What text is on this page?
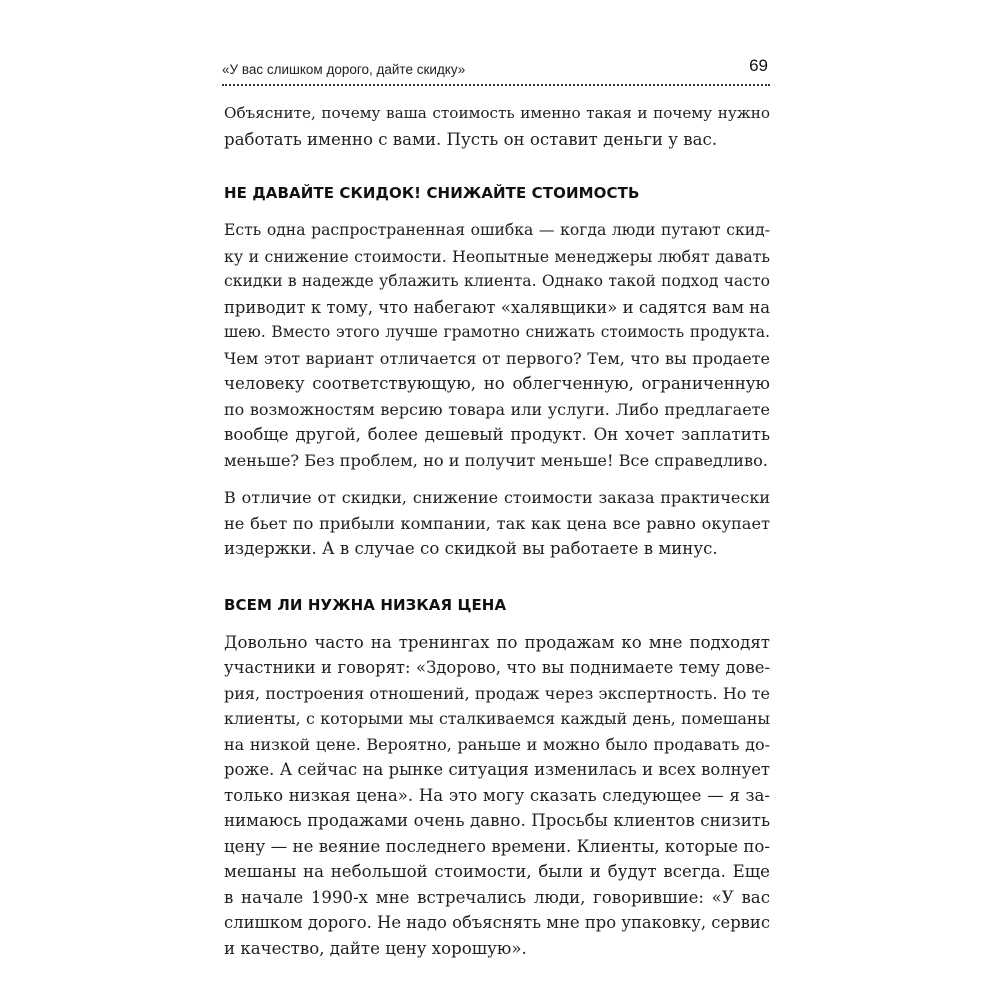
«У вас слишком дорого, дайте скидку»	69

Объясните, почему ваша стоимость именно такая и почему нужно
работать именно с вами. Пусть он оставит деньги у вас.

НЕ ДАВАЙТЕ СКИДОК! СНИЖАЙТЕ СТОИМОСТЬ

Есть одна распространенная ошибка — когда люди путают скид-
ку и снижение стоимости. Неопытные менеджеры любят давать
скидки в надежде ублажить клиента. Однако такой подход часто
приводит к тому, что набегают «халявщики» и садятся вам на
шею. Вместо этого лучше грамотно снижать стоимость продукта.
Чем этот вариант отличается от первого? Тем, что вы продаете
человеку соответствующую, но облегченную, ограниченную
по возможностям версию товара или услуги. Либо предлагаете
вообще другой, более дешевый продукт. Он хочет заплатить
меньше? Без проблем, но и получит меньше! Все справедливо.

В отличие от скидки, снижение стоимости заказа практически
не бьет по прибыли компании, так как цена все равно окупает
издержки. А в случае со скидкой вы работаете в минус.

ВСЕМ ЛИ НУЖНА НИЗКАЯ ЦЕНА

Довольно часто на тренингах по продажам ко мне подходят
участники и говорят: «Здорово, что вы поднимаете тему дове-
рия, построения отношений, продаж через экспертность. Но те
клиенты, с которыми мы сталкиваемся каждый день, помешаны
на низкой цене. Вероятно, раньше и можно было продавать до-
роже. А сейчас на рынке ситуация изменилась и всех волнует
только низкая цена». На это могу сказать следующее — я за-
нимаюсь продажами очень давно. Просьбы клиентов снизить
цену — не веяние последнего времени. Клиенты, которые по-
мешаны на небольшой стоимости, были и будут всегда. Еще
в начале 1990-х мне встречались люди, говорившие: «У вас
слишком дорого. Не надо объяснять мне про упаковку, сервис
и качество, дайте цену хорошую».
